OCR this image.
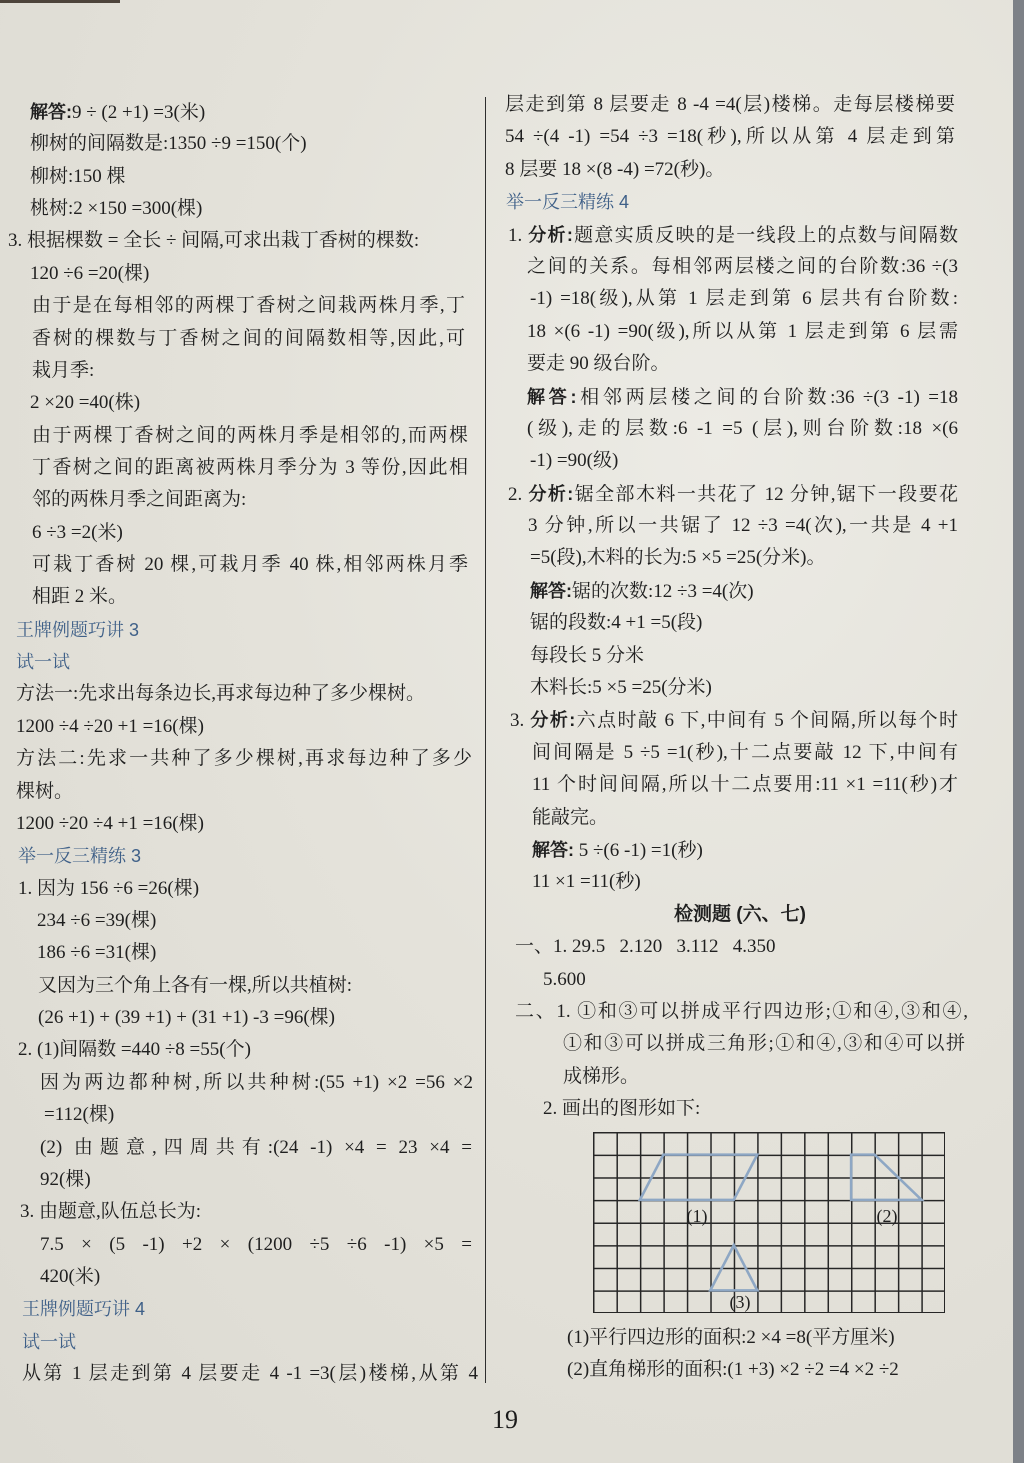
解答:9 ÷ (2 +1) =3(米)
柳树的间隔数是:1350 ÷9 =150(个)
柳树:150 棵
桃树:2 ×150 =300(棵)
3. 根据棵数 = 全长 ÷ 间隔,可求出栽丁香树的棵数:
120 ÷6 =20(棵)
由于是在每相邻的两棵丁香树之间栽两株月季,丁
香树的棵数与丁香树之间的间隔数相等,因此,可
栽月季:
2 ×20 =40(株)
由于两棵丁香树之间的两株月季是相邻的,而两棵
丁香树之间的距离被两株月季分为 3 等份,因此相
邻的两株月季之间距离为:
6 ÷3 =2(米)
可栽丁香树 20 棵,可栽月季 40 株,相邻两株月季
相距 2 米。
王牌例题巧讲 3
试一试
方法一:先求出每条边长,再求每边种了多少棵树。
1200 ÷4 ÷20 +1 =16(棵)
方法二:先求一共种了多少棵树,再求每边种了多少
棵树。
1200 ÷20 ÷4 +1 =16(棵)
举一反三精练 3
1. 因为 156 ÷6 =26(棵)
234 ÷6 =39(棵)
186 ÷6 =31(棵)
又因为三个角上各有一棵,所以共植树:
(26 +1) + (39 +1) + (31 +1) -3 =96(棵)
2. (1)间隔数 =440 ÷8 =55(个)
因为两边都种树,所以共种树:(55 +1) ×2 =56 ×2
=112(棵)
(2) 由题意,四周共有:(24 -1) ×4 = 23 ×4 =
92(棵)
3. 由题意,队伍总长为:
7.5 × (5 -1) +2 × (1200 ÷5 ÷6 -1) ×5 =
420(米)
王牌例题巧讲 4
试一试
从第 1 层走到第 4 层要走 4 -1 =3(层)楼梯,从第 4
层走到第 8 层要走 8 -4 =4(层)楼梯。走每层楼梯要
54 ÷(4 -1) =54 ÷3 =18(秒),所以从第 4 层走到第
8 层要 18 ×(8 -4) =72(秒)。
举一反三精练 4
1. 分析:题意实质反映的是一线段上的点数与间隔数
之间的关系。每相邻两层楼之间的台阶数:36 ÷(3
-1) =18(级),从第 1 层走到第 6 层共有台阶数:
18 ×(6 -1) =90(级),所以从第 1 层走到第 6 层需
要走 90 级台阶。
解答:相邻两层楼之间的台阶数:36 ÷(3 -1) =18
(级),走的层数:6 -1 =5 (层),则台阶数:18 ×(6
-1) =90(级)
2. 分析:锯全部木料一共花了 12 分钟,锯下一段要花
3 分钟,所以一共锯了 12 ÷3 =4(次),一共是 4 +1
=5(段),木料的长为:5 ×5 =25(分米)。
解答:锯的次数:12 ÷3 =4(次)
锯的段数:4 +1 =5(段)
每段长 5 分米
木料长:5 ×5 =25(分米)
3. 分析:六点时敲 6 下,中间有 5 个间隔,所以每个时
间间隔是 5 ÷5 =1(秒),十二点要敲 12 下,中间有
11 个时间间隔,所以十二点要用:11 ×1 =11(秒)才
能敲完。
解答: 5 ÷(6 -1) =1(秒)
11 ×1 =11(秒)
检测题 (六、七)
一、1. 29.5   2.120   3.112   4.350
5.600
二、1. ①和③可以拼成平行四边形;①和④,③和④,
①和③可以拼成三角形;①和④,③和④可以拼
成梯形。
2. 画出的图形如下:
(1)	(2)
(3)
(1)平行四边形的面积:2 ×4 =8(平方厘米)
(2)直角梯形的面积:(1 +3) ×2 ÷2 =4 ×2 ÷2
19
